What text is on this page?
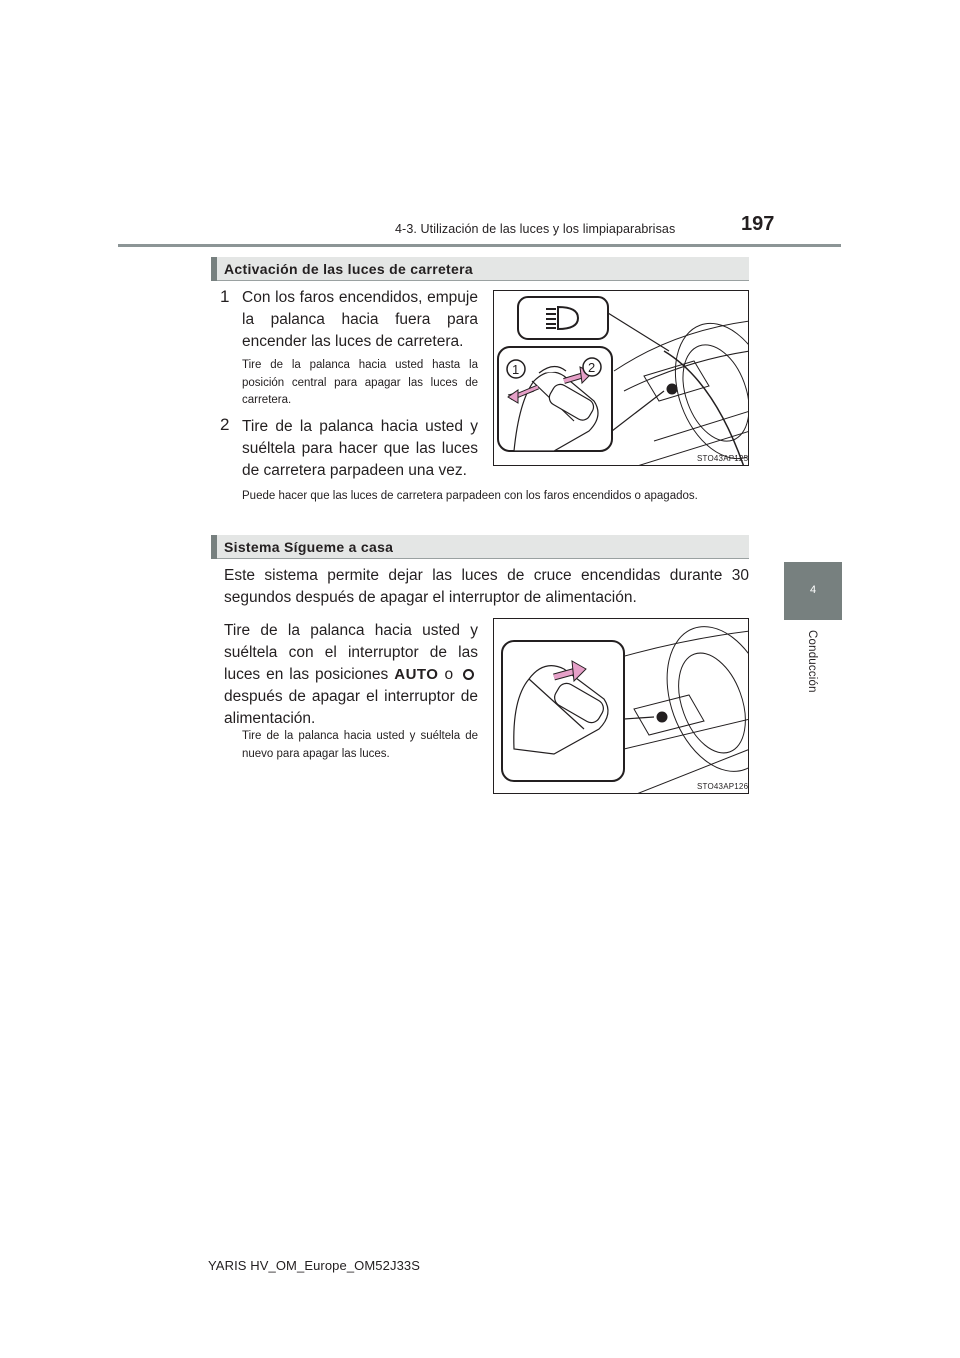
4-3. Utilización de las luces y los limpiaparabrisas	197
4
Conducción
Activación de las luces de carretera
1 Con los faros encendidos, empuje la palanca hacia fuera para encender las luces de carretera.
Tire de la palanca hacia usted hasta la posición central para apagar las luces de carretera.
2 Tire de la palanca hacia usted y suéltela para hacer que las luces de carretera parpadeen una vez.
Puede hacer que las luces de carretera parpadeen con los faros encendidos o apagados.
1	2
STO43AP125
Sistema Sígueme a casa
Este sistema permite dejar las luces de cruce encendidas durante 30 segundos después de apagar el interruptor de alimentación.
Tire de la palanca hacia usted y suéltela con el interruptor de las luces en las posiciones AUTO o  después de apagar el interruptor de alimentación.
Tire de la palanca hacia usted y suéltela de nuevo para apagar las luces.
STO43AP126
YARIS HV_OM_Europe_OM52J33S
